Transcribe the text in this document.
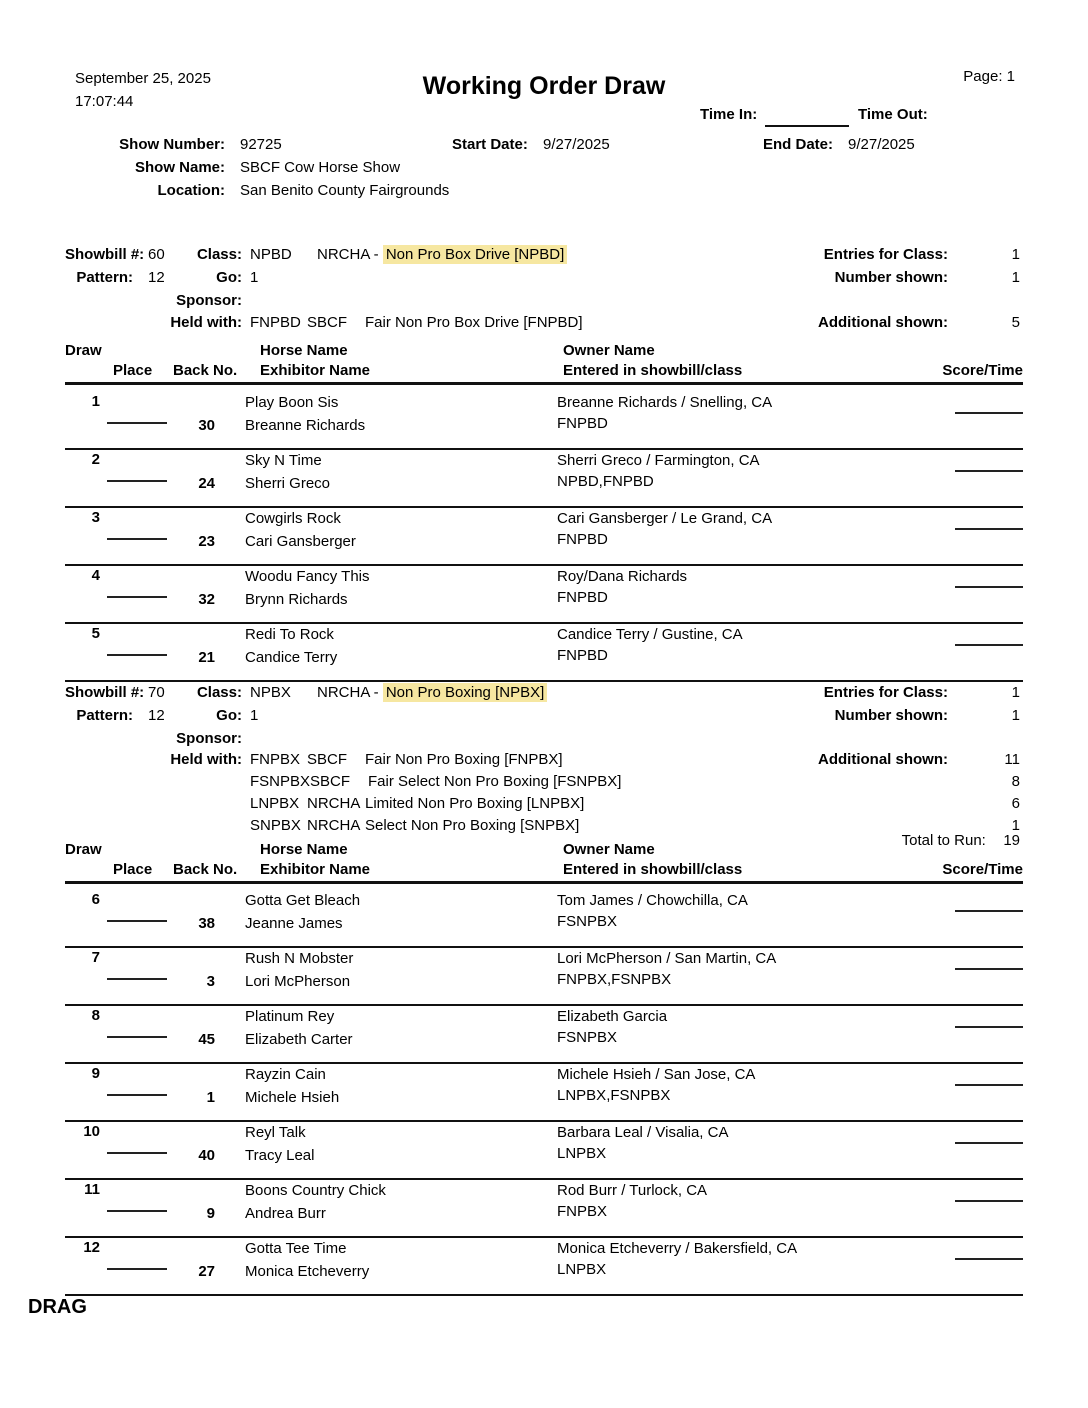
September 25, 2025
17:07:44
Working Order Draw	Page: 1
Time In:	Time Out:
Show Number: 92725	Start Date: 9/27/2025	End Date: 9/27/2025
Show Name: SBCF Cow Horse Show
Location: San Benito County Fairgrounds
Showbill #: 60	Class: NPBD NRCHA - Non Pro Box Drive [NPBD]	Entries for Class:	1
Pattern: 12	Go: 1	Number shown:	1
Sponsor:
Held with: FNPBD SBCF Fair Non Pro Box Drive [FNPBD]	Additional shown:	5
Draw	Horse Name	Owner Name
Place Back No. Exhibitor Name	Entered in showbill/class	Score/Time
1	Play Boon Sis	Breanne Richards / Snelling, CA
30 Breanne Richards	FNPBD
2	Sky N Time	Sherri Greco / Farmington, CA
24 Sherri Greco	NPBD,FNPBD
3	Cowgirls Rock	Cari Gansberger / Le Grand, CA
23 Cari Gansberger	FNPBD
4	Woodu Fancy This	Roy/Dana Richards
32 Brynn Richards	FNPBD
5	Redi To Rock	Candice Terry / Gustine, CA
21 Candice Terry	FNPBD
Showbill #: 70	Class: NPBX NRCHA - Non Pro Boxing [NPBX]	Entries for Class:	1
Pattern: 12	Go: 1	Number shown:	1
Sponsor:
Held with: FNPBX SBCF Fair Non Pro Boxing [FNPBX]	Additional shown:	11
FSNPBXSBCF Fair Select Non Pro Boxing [FSNPBX]	8
LNPBX NRCHA Limited Non Pro Boxing [LNPBX]	6
SNPBX NRCHA Select Non Pro Boxing [SNPBX]	1
Total to Run: 19
Draw	Horse Name	Owner Name
Place Back No. Exhibitor Name	Entered in showbill/class	Score/Time
6	Gotta Get Bleach	Tom James / Chowchilla, CA
38 Jeanne James	FSNPBX
7	Rush N Mobster	Lori McPherson / San Martin, CA
3 Lori McPherson	FNPBX,FSNPBX
8	Platinum Rey	Elizabeth Garcia
45 Elizabeth Carter	FSNPBX
9	Rayzin Cain	Michele Hsieh / San Jose, CA
1 Michele Hsieh	LNPBX,FSNPBX
10	Reyl Talk	Barbara Leal / Visalia, CA
40 Tracy Leal	LNPBX
11	Boons Country Chick	Rod Burr / Turlock, CA
9 Andrea Burr	FNPBX
12	Gotta Tee Time	Monica Etcheverry / Bakersfield, CA
27 Monica Etcheverry	LNPBX
DRAG
